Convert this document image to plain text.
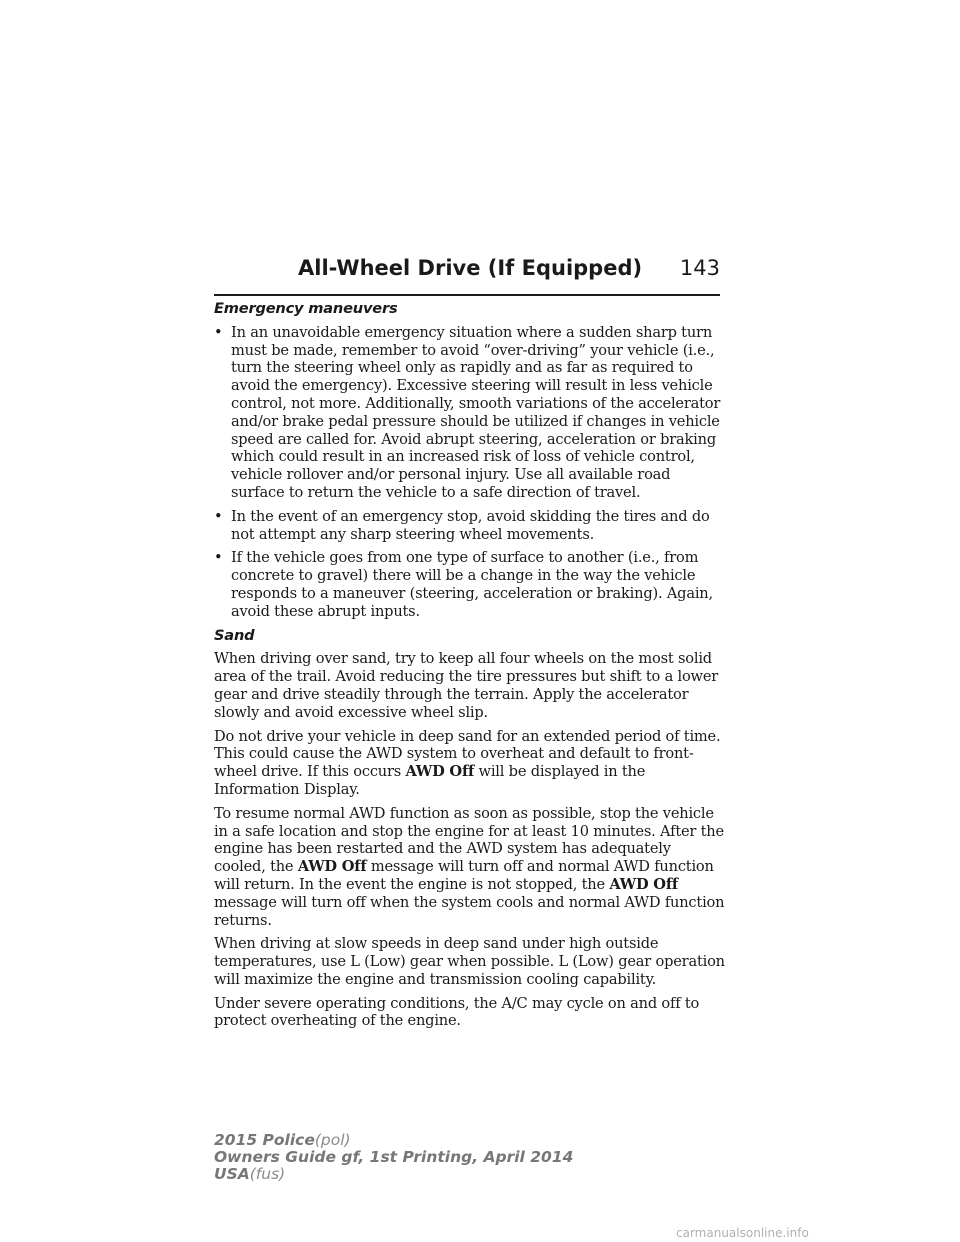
All-Wheel Drive (If Equipped) 143
Emergency maneuvers
• In an unavoidable emergency situation where a sudden sharp turn must be made, remember to avoid “over-driving” your vehicle (i.e., turn the steering wheel only as rapidly and as far as required to avoid the emergency). Excessive steering will result in less vehicle control, not more. Additionally, smooth variations of the accelerator and/or brake pedal pressure should be utilized if changes in vehicle speed are called for. Avoid abrupt steering, acceleration or braking which could result in an increased risk of loss of vehicle control, vehicle rollover and/or personal injury. Use all available road surface to return the vehicle to a safe direction of travel.
• In the event of an emergency stop, avoid skidding the tires and do not attempt any sharp steering wheel movements.
• If the vehicle goes from one type of surface to another (i.e., from concrete to gravel) there will be a change in the way the vehicle responds to a maneuver (steering, acceleration or braking). Again, avoid these abrupt inputs.
Sand

When driving over sand, try to keep all four wheels on the most solid area of the trail. Avoid reducing the tire pressures but shift to a lower gear and drive steadily through the terrain. Apply the accelerator slowly and avoid excessive wheel slip.

Do not drive your vehicle in deep sand for an extended period of time. This could cause the AWD system to overheat and default to front-wheel drive. If this occurs AWD Off will be displayed in the Information Display.

To resume normal AWD function as soon as possible, stop the vehicle in a safe location and stop the engine for at least 10 minutes. After the engine has been restarted and the AWD system has adequately cooled, the AWD Off message will turn off and normal AWD function will return. In the event the engine is not stopped, the AWD Off message will turn off when the system cools and normal AWD function returns.

When driving at slow speeds in deep sand under high outside temperatures, use L (Low) gear when possible. L (Low) gear operation will maximize the engine and transmission cooling capability.

Under severe operating conditions, the A/C may cycle on and off to protect overheating of the engine.

2015 Police(pol)
Owners Guide gf, 1st Printing, April 2014
USA(fus)
carmanualsonline.info
